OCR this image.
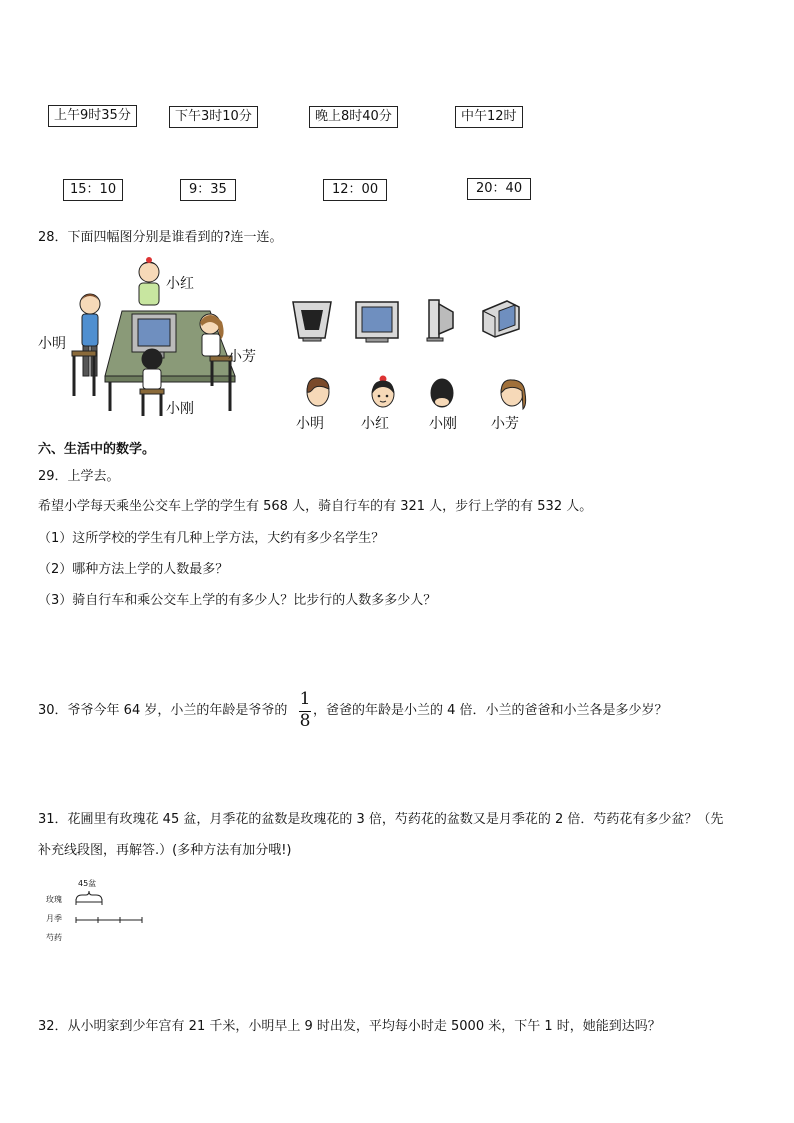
上午9时35分	下午3时10分	晚上8时40分	中午12时
15：10	9：35	12：00	20：40
28．下面四幅图分别是谁看到的?连一连。
小红
小明
小芳
小刚
小明	小红	小刚 小芳
六、生活中的数学。
29．上学去。
希望小学每天乘坐公交车上学的学生有 568 人，骑自行车的有 321 人，步行上学的有 532 人。
（1）这所学校的学生有几种上学方法，大约有多少名学生？
（2）哪种方法上学的人数最多？
（3）骑自行车和乘公交车上学的有多少人？比步行的人数多多少人？
30．爷爷今年 64 岁，小兰的年龄是爷爷的
1
8
，爸爸的年龄是小兰的 4 倍．小兰的爸爸和小兰各是多少岁？
31．花圃里有玫瑰花 45 盆，月季花的盆数是玫瑰花的 3 倍，芍药花的盆数又是月季花的 2 倍．芍药花有多少盆？（先
补充线段图，再解答.）(多种方法有加分哦!)
45盆
玫瑰
月季
芍药
32．从小明家到少年宫有 21 千米，小明早上 9 时出发，平均每小时走 5000 米，下午 1 时，她能到达吗？
